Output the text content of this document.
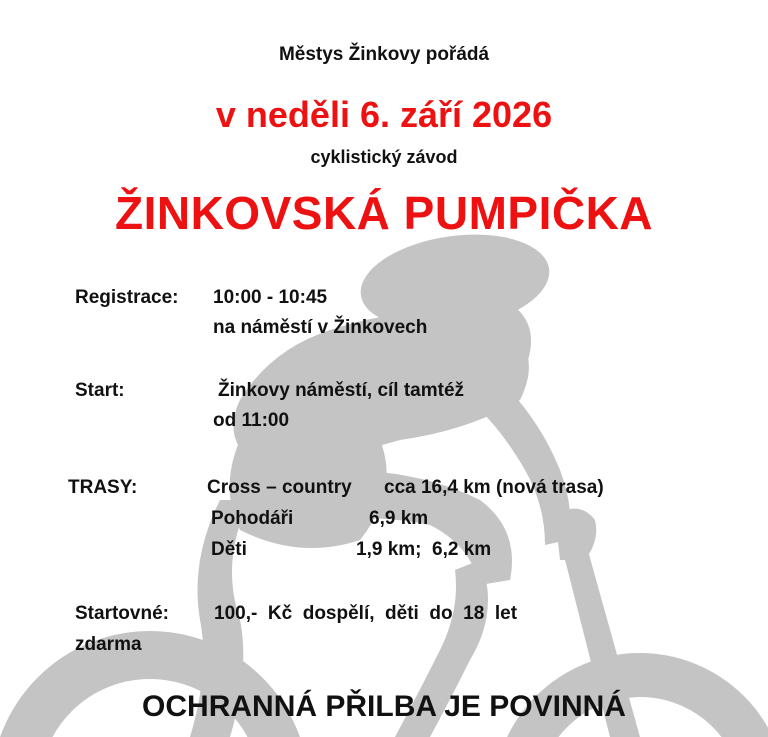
Městys Žinkovy pořádá
v neděli 6. září 2026
cyklistický závod
ŽINKOVSKÁ PUMPIČKA
Registrace: 10:00 - 10:45
na náměstí v Žinkovech
Start:	Žinkovy náměstí, cíl tamtéž
od 11:00
TRASY:	Cross – country cca 16,4 km (nová trasa)
Pohodáři	6,9 km
Děti	1,9 km;  6,2 km
Startovné: 100,-  Kč  dospělí,  děti  do  18  let
zdarma
OCHRANNÁ PŘILBA JE POVINNÁ
